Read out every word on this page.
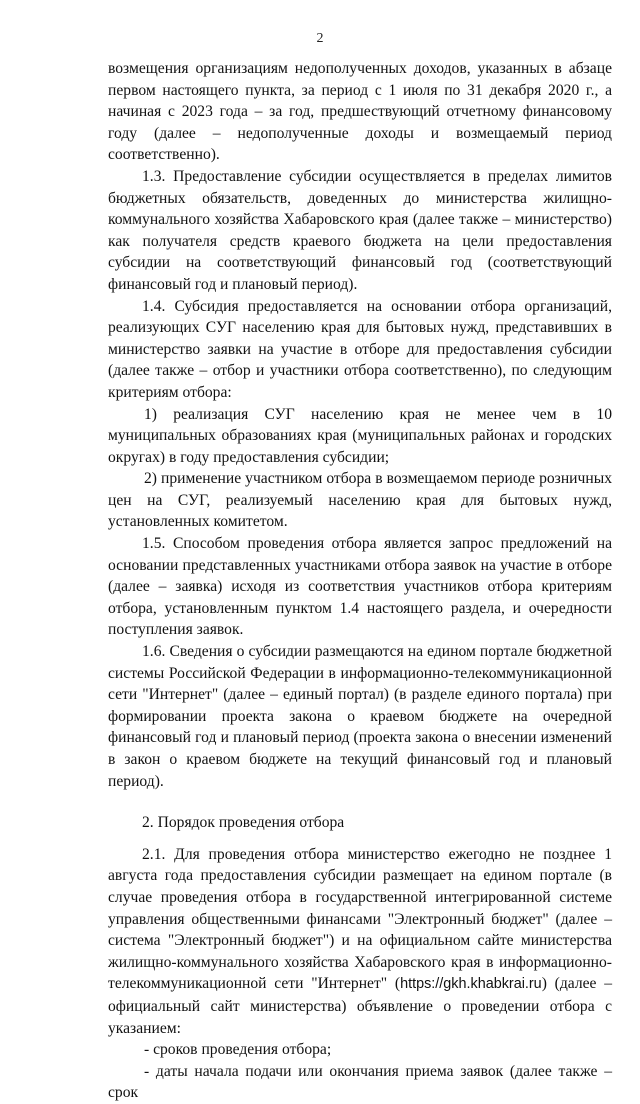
2

возмещения организациям недополученных доходов, указанных в абзаце первом настоящего пункта, за период с 1 июля по 31 декабря 2020 г., а начиная с 2023 года – за год, предшествующий отчетному финансовому году (далее – недополученные доходы и возмещаемый период соответственно).

1.3. Предоставление субсидии осуществляется в пределах лимитов бюджетных обязательств, доведенных до министерства жилищно-коммунального хозяйства Хабаровского края (далее также – министерство) как получателя средств краевого бюджета на цели предоставления субсидии на соответствующий финансовый год (соответствующий финансовый год и плановый период).

1.4. Субсидия предоставляется на основании отбора организаций, реализующих СУГ населению края для бытовых нужд, представивших в министерство заявки на участие в отборе для предоставления субсидии (далее также – отбор и участники отбора соответственно), по следующим критериям отбора:

1) реализация СУГ населению края не менее чем в 10 муниципальных образованиях края (муниципальных районах и городских округах) в году предоставления субсидии;

2) применение участником отбора в возмещаемом периоде розничных цен на СУГ, реализуемый населению края для бытовых нужд, установленных комитетом.

1.5. Способом проведения отбора является запрос предложений на основании представленных участниками отбора заявок на участие в отборе (далее – заявка) исходя из соответствия участников отбора критериям отбора, установленным пунктом 1.4 настоящего раздела, и очередности поступления заявок.

1.6. Сведения о субсидии размещаются на едином портале бюджетной системы Российской Федерации в информационно-телекоммуникационной сети "Интернет" (далее – единый портал) (в разделе единого портала) при формировании проекта закона о краевом бюджете на очередной финансовый год и плановый период (проекта закона о внесении изменений в закон о краевом бюджете на текущий финансовый год и плановый период).

2. Порядок проведения отбора

2.1. Для проведения отбора министерство ежегодно не позднее 1 августа года предоставления субсидии размещает на едином портале (в случае проведения отбора в государственной интегрированной системе управления общественными финансами "Электронный бюджет" (далее – система "Электронный бюджет") и на официальном сайте министерства жилищно-коммунального хозяйства Хабаровского края в информационно-телекоммуникационной сети "Интернет" (https://gkh.khabkrai.ru) (далее – официальный сайт министерства) объявление о проведении отбора с указанием:

- сроков проведения отбора;

- даты начала подачи или окончания приема заявок (далее также – срок
